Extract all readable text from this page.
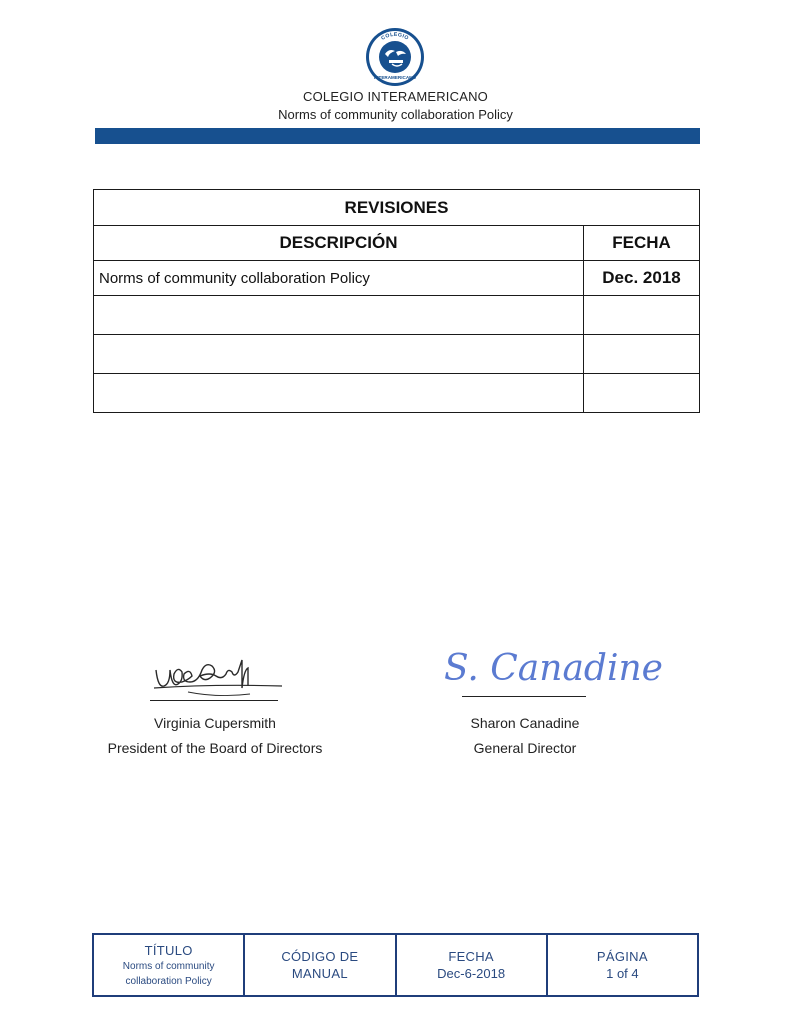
COLEGIO
INTERAMERICANO
COLEGIO INTERAMERICANO
Norms of community collaboration Policy
REVISIONES	
DESCRIPCIÓN	FECHA
Norms of community collaboration Policy	Dec. 2018

Virginia Cupersmith
President of the Board of Directors
S. Canadine
Sharon Canadine
General Director
TÍTULO
Norms of community collaboration Policy

CÓDIGO DE MANUAL

FECHA
Dec-6-2018

PÁGINA
1 of 4
